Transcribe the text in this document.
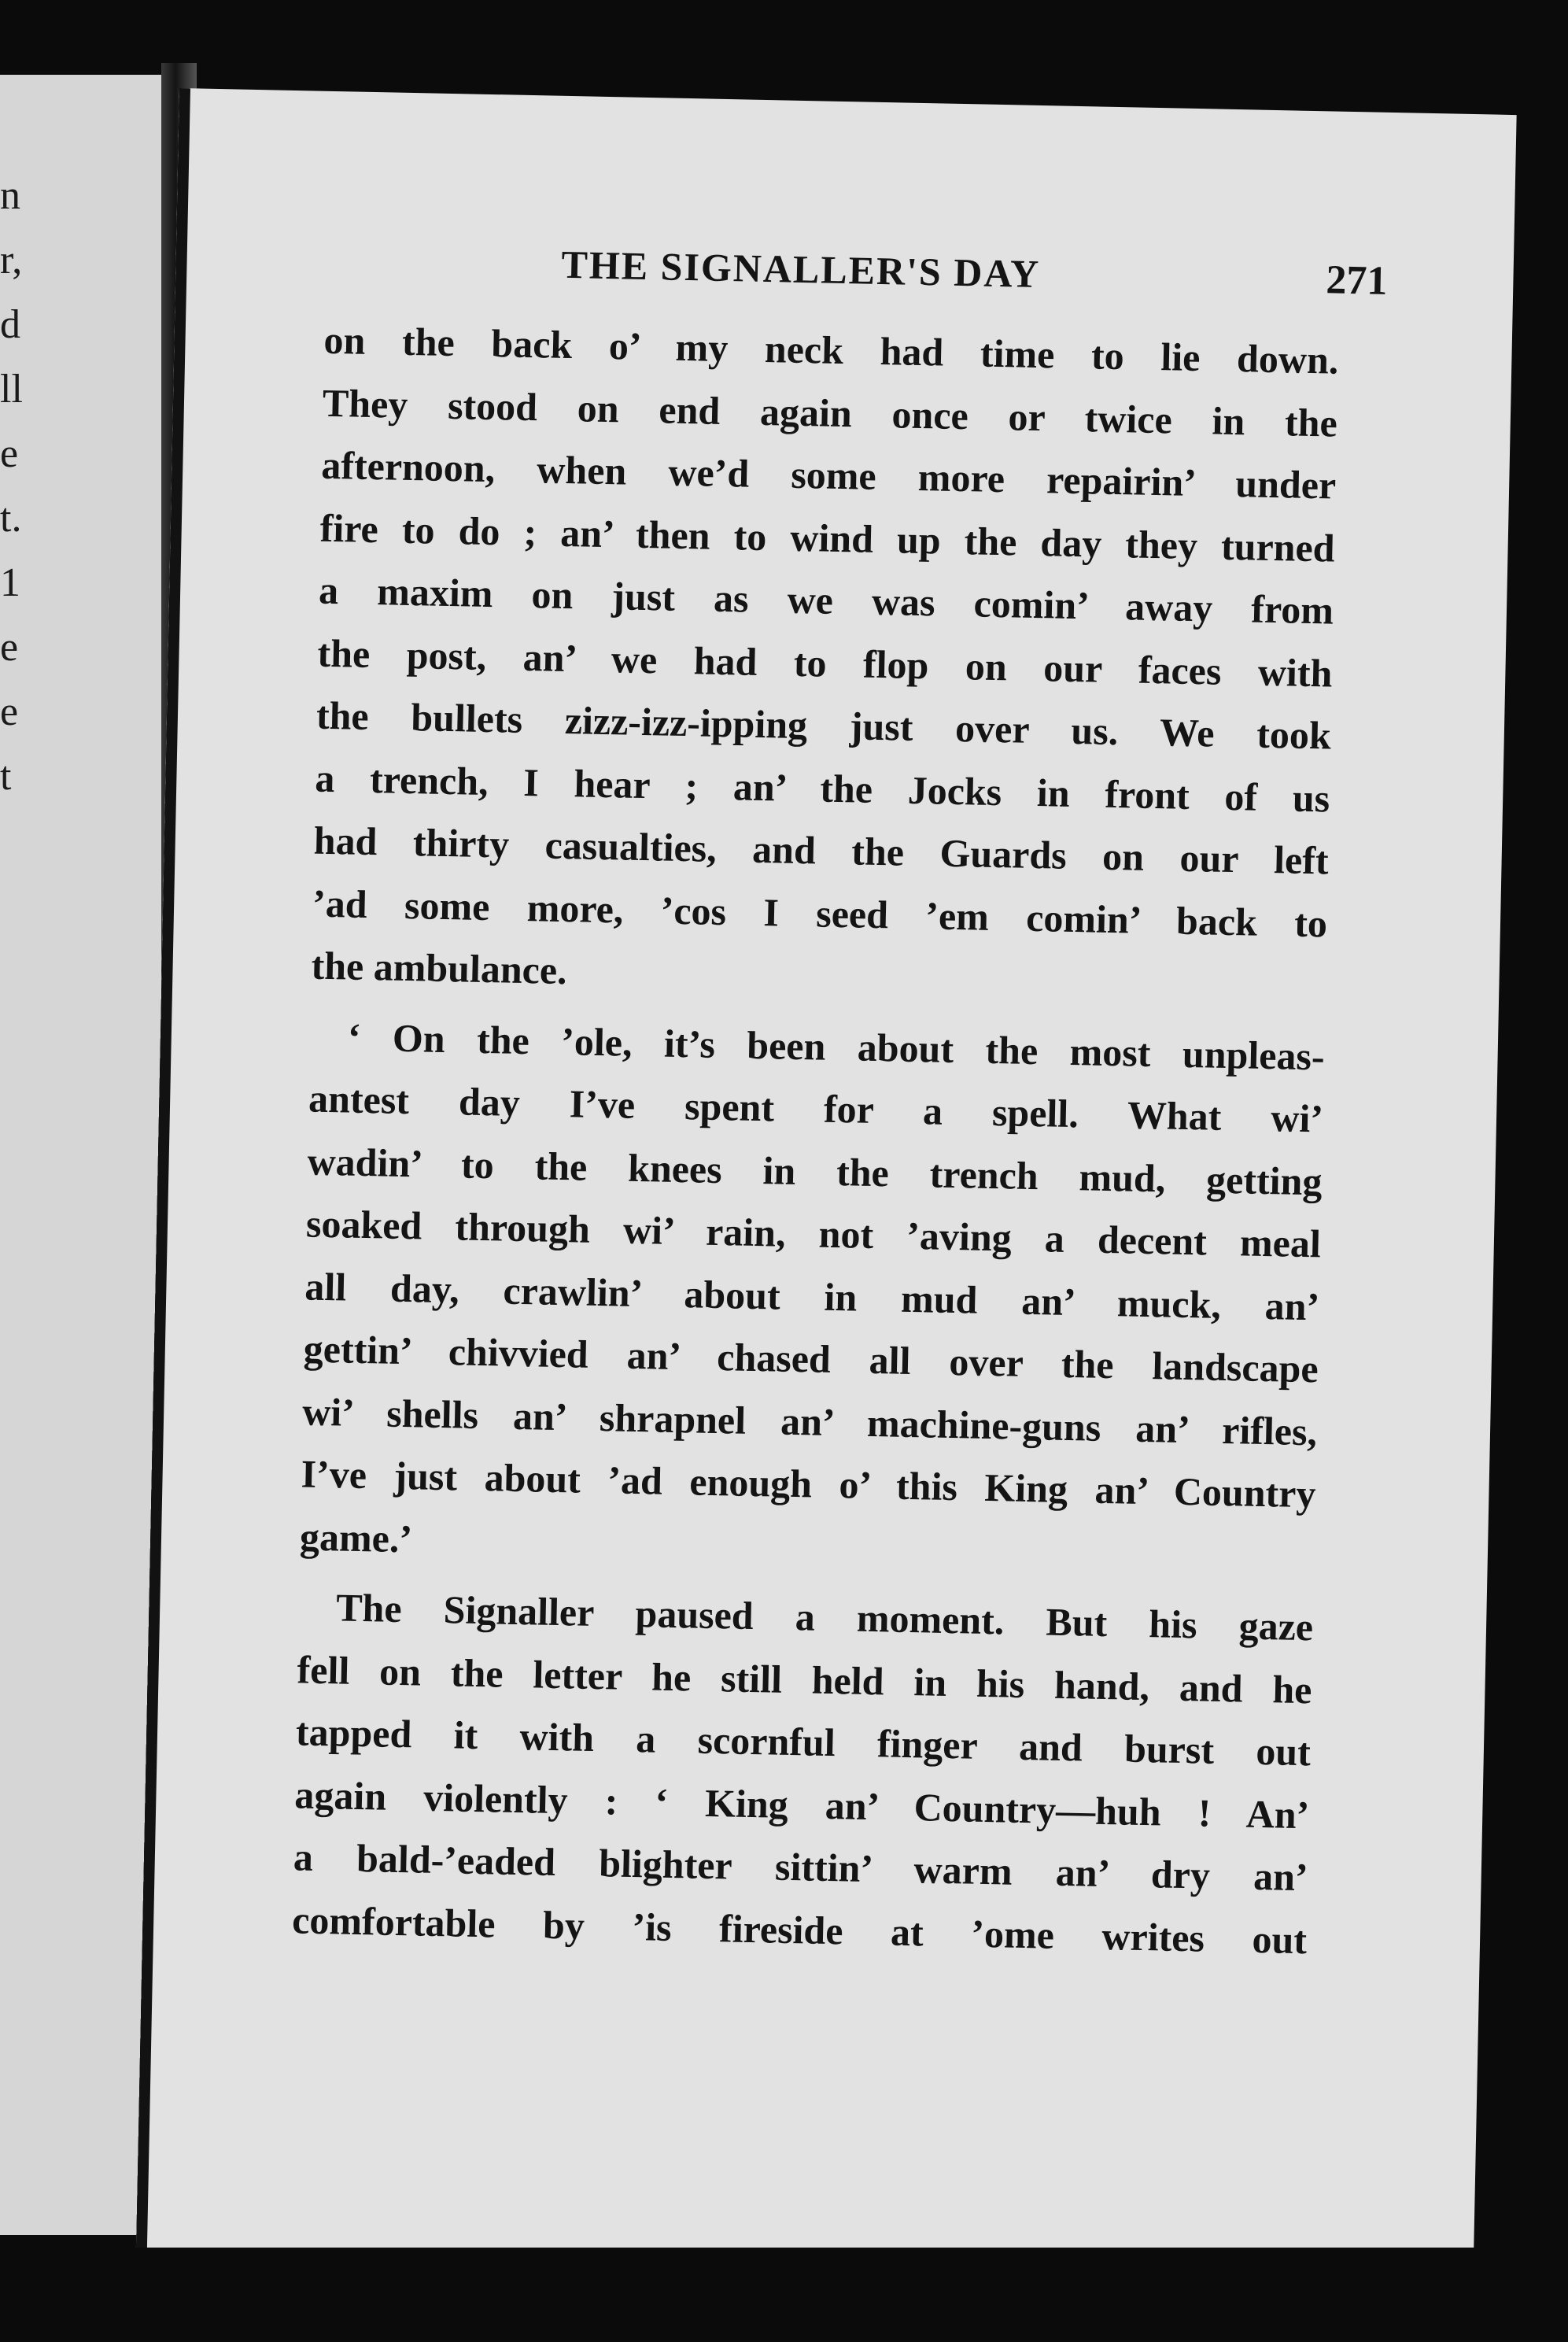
n
r,
d
ll
e
t.
1
e
e
t
THE SIGNALLER'S DAY	271
on the back o’ my neck had time to lie down.
They stood on end again once or twice in the
afternoon, when we’d some more repairin’ under
fire to do ; an’ then to wind up the day they turned
a maxim on just as we was comin’ away from
the post, an’ we had to flop on our faces with
the bullets zizz-izz-ipping just over us. We took
a trench, I hear ; an’ the Jocks in front of us
had thirty casualties, and the Guards on our left
’ad some more, ’cos I seed ’em comin’ back to
the ambulance.
‘ On the ’ole, it’s been about the most unpleas-
antest day I’ve spent for a spell. What wi’
wadin’ to the knees in the trench mud, getting
soaked through wi’ rain, not ’aving a decent meal
all day, crawlin’ about in mud an’ muck, an’
gettin’ chivvied an’ chased all over the landscape
wi’ shells an’ shrapnel an’ machine-guns an’ rifles,
I’ve just about ’ad enough o’ this King an’ Country
game.’
The Signaller paused a moment. But his gaze
fell on the letter he still held in his hand, and he
tapped it with a scornful finger and burst out
again violently : ‘ King an’ Country—huh ! An’
a bald-’eaded blighter sittin’ warm an’ dry an’
comfortable by ’is fireside at ’ome writes out
